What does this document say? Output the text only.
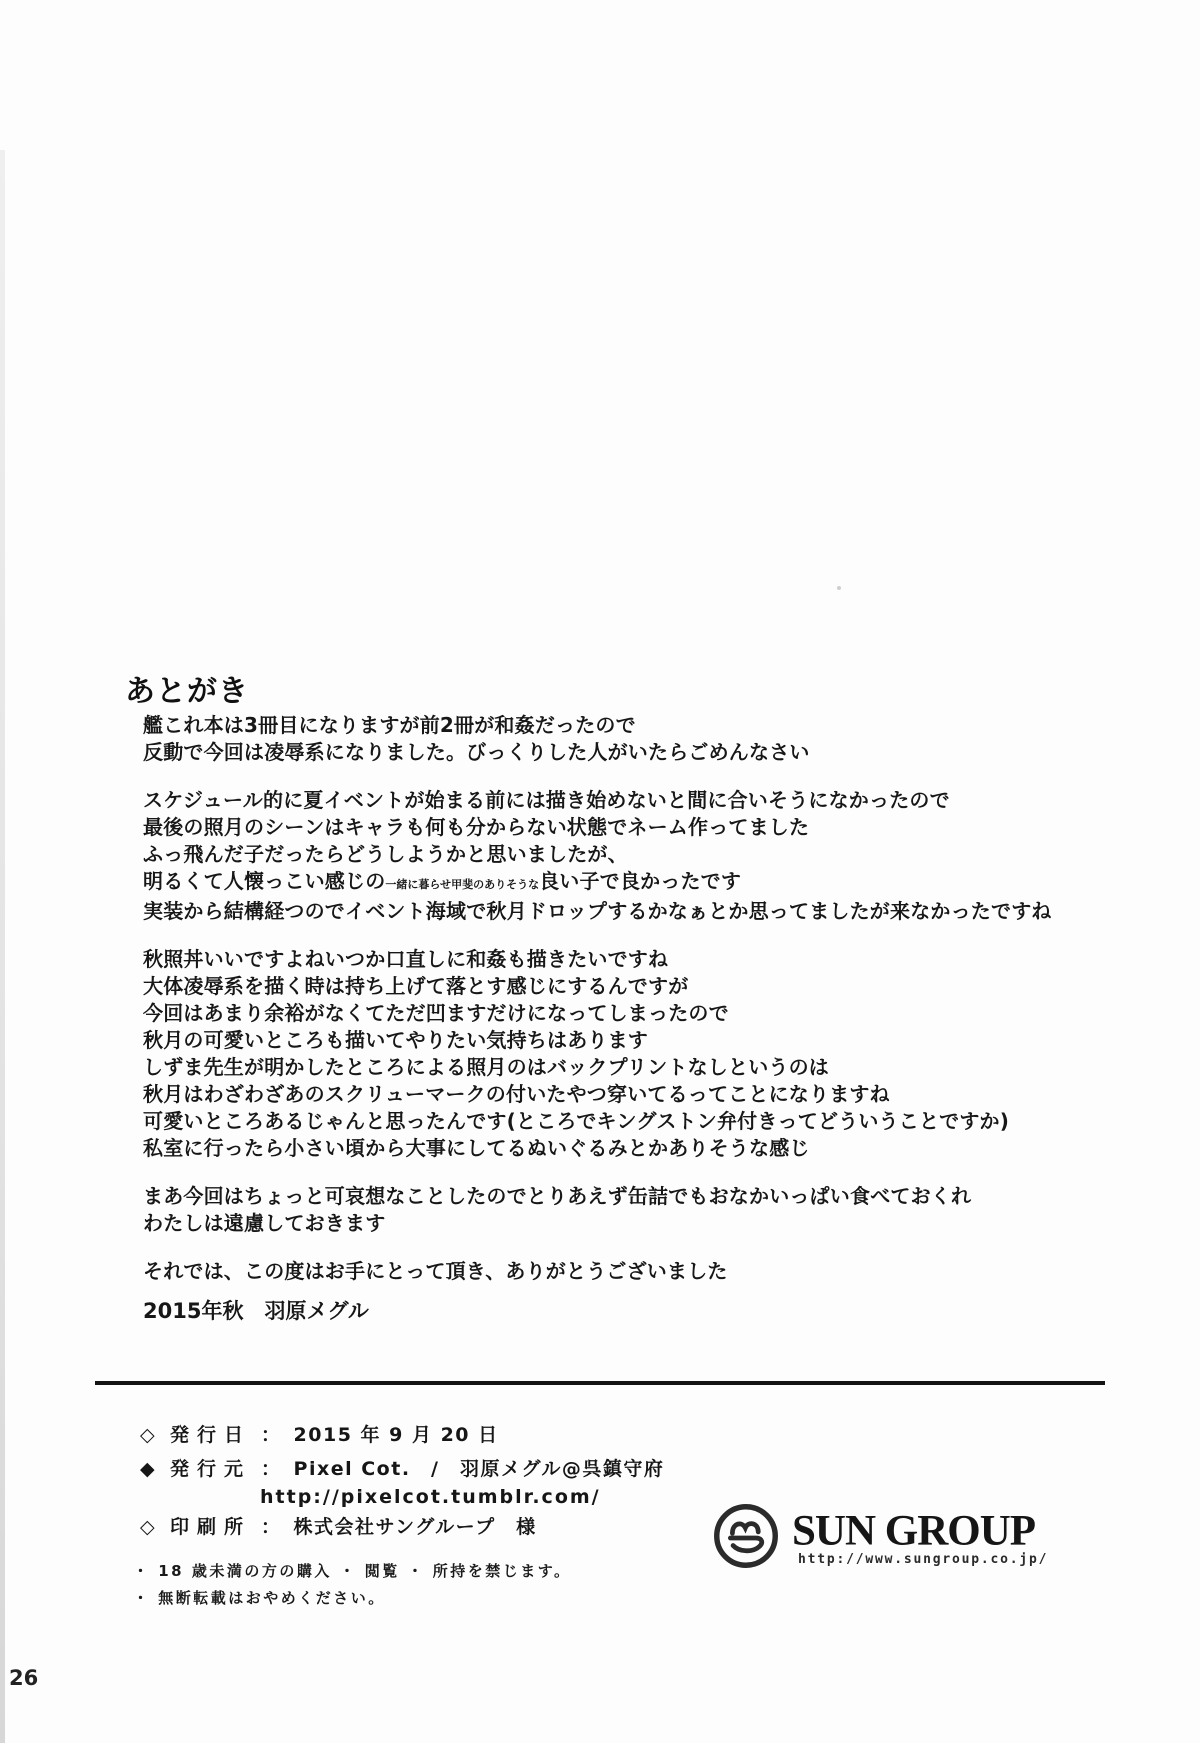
あとがき

艦これ本は3冊目になりますが前2冊が和姦だったので
反動で今回は凌辱系になりました。びっくりした人がいたらごめんなさい

スケジュール的に夏イベントが始まる前には描き始めないと間に合いそうになかったので
最後の照月のシーンはキャラも何も分からない状態でネーム作ってました
ふっ飛んだ子だったらどうしようかと思いましたが、
明るくて人懐っこい感じの一緒に暮らせ甲斐のありそうな良い子で良かったです
実装から結構経つのでイベント海域で秋月ドロップするかなぁとか思ってましたが来なかったですね

秋照丼いいですよねいつか口直しに和姦も描きたいですね
大体凌辱系を描く時は持ち上げて落とす感じにするんですが
今回はあまり余裕がなくてただ凹ますだけになってしまったので
秋月の可愛いところも描いてやりたい気持ちはあります
しずま先生が明かしたところによる照月のはバックプリントなしというのは
秋月はわざわざあのスクリューマークの付いたやつ穿いてるってことになりますね
可愛いところあるじゃんと思ったんです(ところでキングストン弁付きってどういうことですか)
私室に行ったら小さい頃から大事にしてるぬいぐるみとかありそうな感じ

まあ今回はちょっと可哀想なことしたのでとりあえず缶詰でもおなかいっぱい食べておくれ
わたしは遠慮しておきます

それでは、この度はお手にとって頂き、ありがとうございました

2015年秋　羽原メグル
◇ 発行日 ： 2015 年 9 月 20 日
◆ 発行元 ： Pixel Cot.　/　羽原メグル@呉鎮守府
http://pixelcot.tumblr.com/
◇ 印刷所 ： 株式会社サングループ　様
・ 18 歳未満の方の購入 ・ 閲覧 ・ 所持を禁じます。
・ 無断転載はおやめください。
SUN GROUP
http://www.sungroup.co.jp/
26
